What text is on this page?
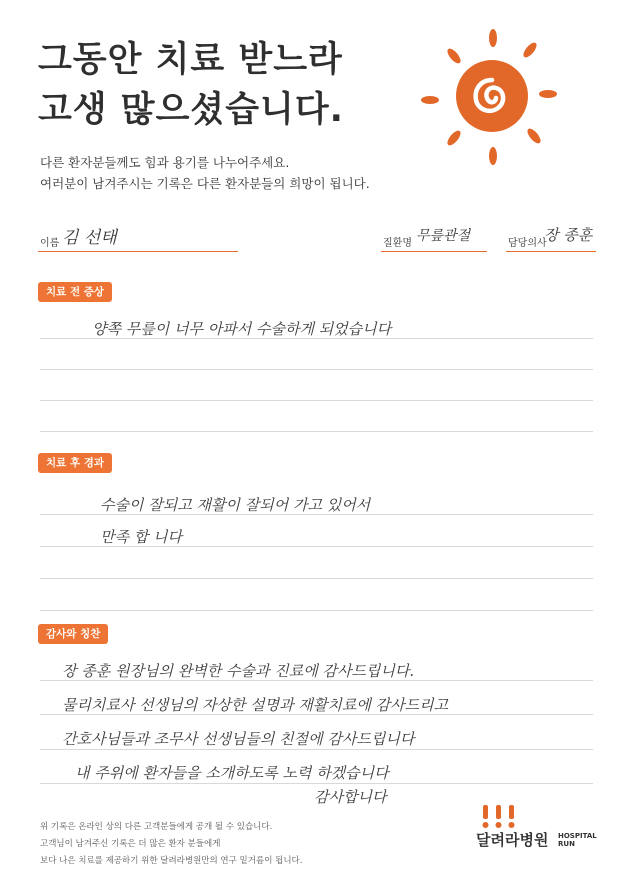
그동안 치료 받느라
고생 많으셨습니다.
다른 환자분들께도 힘과 용기를 나누어주세요.
여러분이 남겨주시는 기록은 다른 환자분들의 희망이 됩니다.
이름 김 선태	질환명 무릎관절	담당의사
장 종훈
치료 전 증상
양쪽 무릎이 너무 아파서 수술하게 되었습니다
치료 후 경과
수술이 잘되고 재활이 잘되어 가고 있어서
만족 합 니다
감사와 칭찬
장 종훈 원장님의 완벽한 수술과 진료에 감사드립니다.
물리치료사 선생님의 자상한 설명과 재활치료에 감사드리고
간호사님들과 조무사 선생님들의 친절에 감사드립니다
내 주위에 환자들을 소개하도록 노력 하겠습니다
감사합니다
위 기록은 온라인 상의 다른 고객분들에게 공개 될 수 있습니다.
고객님이 남겨주신 기록은 더 많은 환자 분들에게
보다 나은 치료를 제공하기 위한 달려라병원만의 연구 밑거름이 됩니다.
달려라병원 HOSPITAL
RUN
